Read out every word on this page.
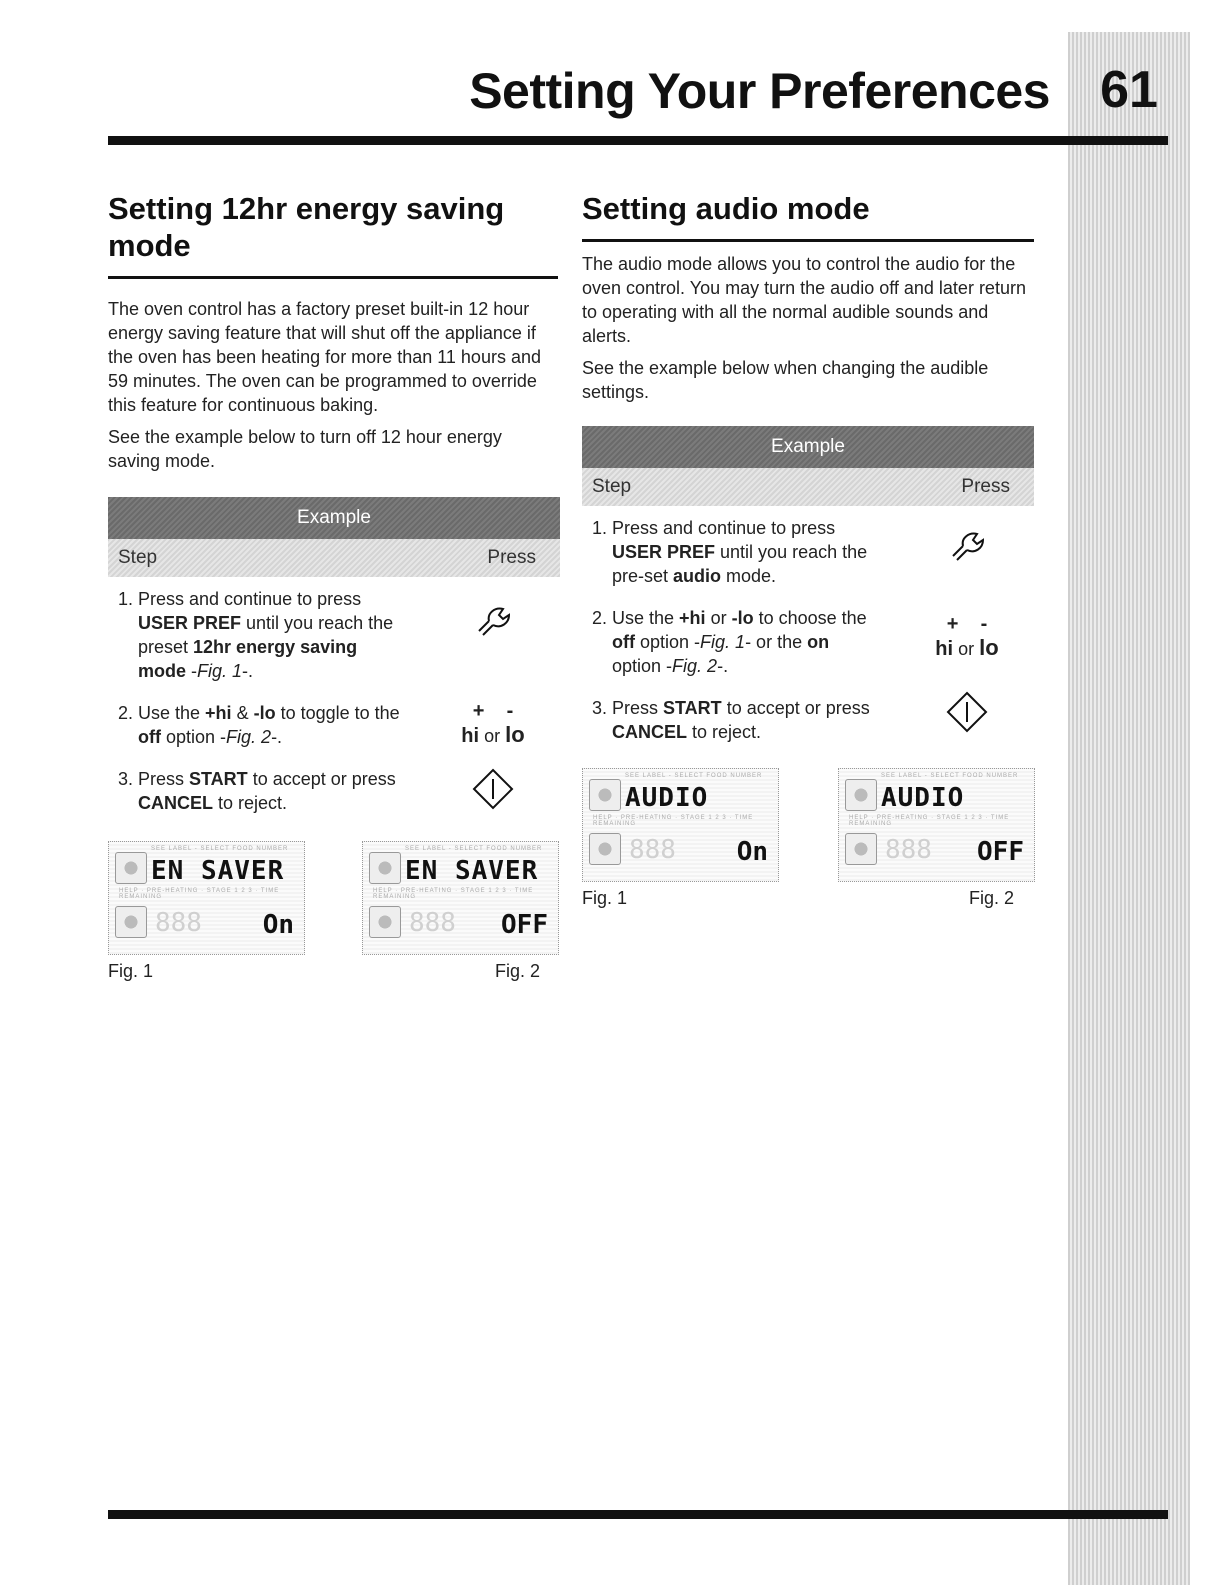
61
Setting Your Preferences
Setting 12hr energy saving mode

The oven control has a factory preset built-in 12 hour energy saving feature that will shut off the appliance if the oven has been heating for more than 11 hours and 59 minutes. The oven can be programmed to override this feature for continuous baking.

See the example below to turn off 12 hour energy saving mode.

Example
Step	Press
1. Press and continue to press USER PREF until you reach the preset 12hr energy saving mode -Fig. 1-.
2. Use the +hi & -lo to toggle to the off option -Fig. 2-.
+ -
hi or lo
3. Press START to accept or press CANCEL to reject.
SEE LABEL - SELECT FOOD NUMBER
EN SAVER
HELP · PRE-HEATING · STAGE 1 2 3 · TIME REMAINING
888 On
SEE LABEL - SELECT FOOD NUMBER
EN SAVER
HELP · PRE-HEATING · STAGE 1 2 3 · TIME REMAINING
888 OFF
Fig. 1	Fig. 2
Setting audio mode

The audio mode allows you to control the audio for the oven control. You may turn the audio off and later return to operating with all the normal audible sounds and alerts.

See the example below when changing the audible settings.

Example
Step	Press
1. Press and continue to press USER PREF until you reach the pre-set audio mode.
2. Use the +hi or -lo to choose the off option -Fig. 1- or the on option -Fig. 2-.
+ -
hi or lo
3. Press START to accept or press CANCEL to reject.
SEE LABEL - SELECT FOOD NUMBER
AUDIO
HELP · PRE-HEATING · STAGE 1 2 3 · TIME REMAINING
888 On
SEE LABEL - SELECT FOOD NUMBER
AUDIO
HELP · PRE-HEATING · STAGE 1 2 3 · TIME REMAINING
888 OFF
Fig. 1	Fig. 2
